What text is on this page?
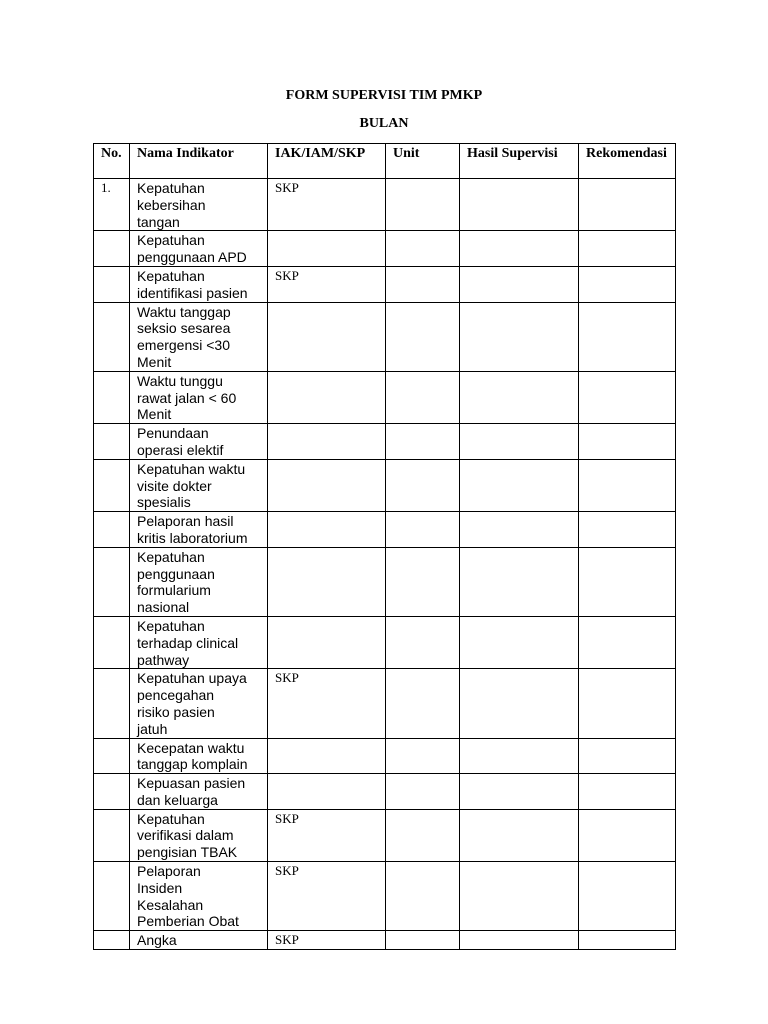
FORM SUPERVISI TIM PMKP
BULAN
No.	Nama Indikator	IAK/IAM/SKP	Unit	Hasil Supervisi	Rekomendasi
1.	Kepatuhan
kebersihan
tangan	SKP			

	Kepatuhan
penggunaan APD				

	Kepatuhan
identifikasi pasien	SKP			

	Waktu tanggap
seksio sesarea
emergensi <30
Menit				

	Waktu tunggu
rawat jalan < 60
Menit				

	Penundaan
operasi elektif				

	Kepatuhan waktu
visite dokter
spesialis				

	Pelaporan hasil
kritis laboratorium				

	Kepatuhan
penggunaan
formularium
nasional				

	Kepatuhan
terhadap clinical
pathway				

	Kepatuhan upaya
pencegahan
risiko pasien
jatuh	SKP			

	Kecepatan waktu
tanggap komplain				

	Kepuasan pasien
dan keluarga				

	Kepatuhan
verifikasi dalam
pengisian TBAK	SKP			

	Pelaporan
Insiden
Kesalahan
Pemberian Obat	SKP			

	Angka	SKP			
